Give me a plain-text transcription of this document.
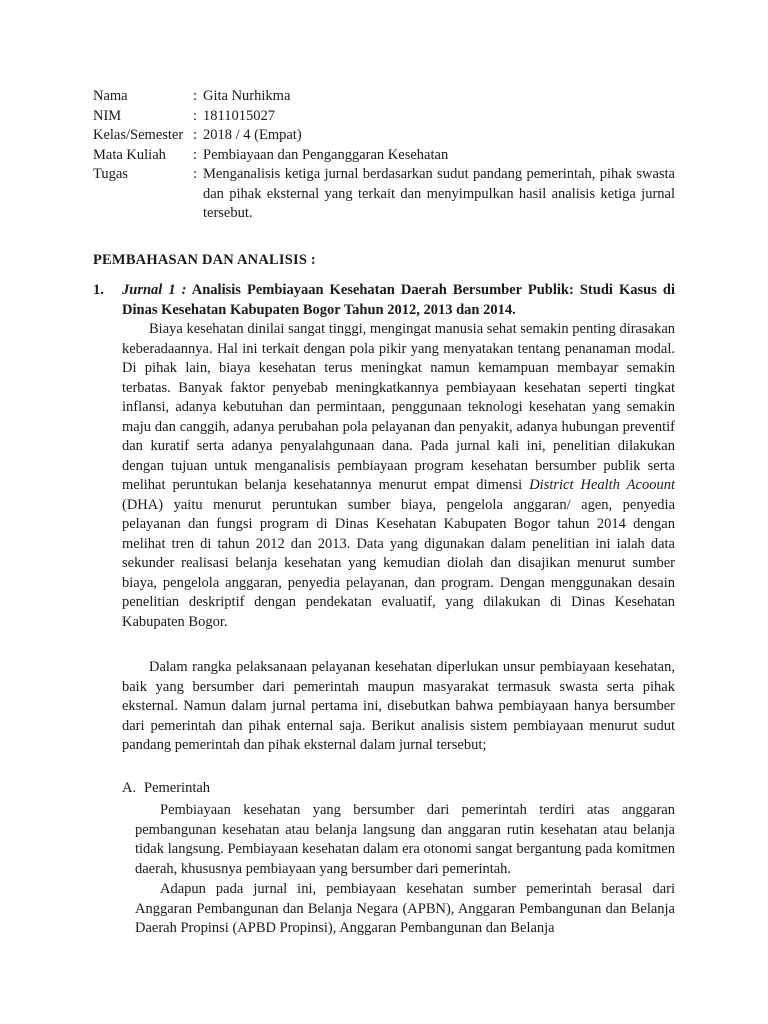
Nama	: Gita Nurhikma
NIM	: 1811015027
Kelas/Semester : 2018 / 4 (Empat)
Mata Kuliah	: Pembiayaan dan Penganggaran Kesehatan
Tugas	: Menganalisis ketiga jurnal berdasarkan sudut pandang pemerintah, pihak swasta dan pihak eksternal yang terkait dan menyimpulkan hasil analisis ketiga jurnal tersebut.
PEMBAHASAN DAN ANALISIS :
1.	Jurnal 1 : Analisis Pembiayaan Kesehatan Daerah Bersumber Publik: Studi Kasus di Dinas Kesehatan Kabupaten Bogor Tahun 2012, 2013 dan 2014.

Biaya kesehatan dinilai sangat tinggi, mengingat manusia sehat semakin penting dirasakan keberadaannya. Hal ini terkait dengan pola pikir yang menyatakan tentang penanaman modal. Di pihak lain, biaya kesehatan terus meningkat namun kemampuan membayar semakin terbatas. Banyak faktor penyebab meningkatkannya pembiayaan kesehatan seperti tingkat inflansi, adanya kebutuhan dan permintaan, penggunaan teknologi kesehatan yang semakin maju dan canggih, adanya perubahan pola pelayanan dan penyakit, adanya hubungan preventif dan kuratif serta adanya penyalahgunaan dana. Pada jurnal kali ini, penelitian dilakukan dengan tujuan untuk menganalisis pembiayaan program kesehatan bersumber publik serta melihat peruntukan belanja kesehatannya menurut empat dimensi District Health Acoount (DHA) yaitu menurut peruntukan sumber biaya, pengelola anggaran/ agen, penyedia pelayanan dan fungsi program di Dinas Kesehatan Kabupaten Bogor tahun 2014 dengan melihat tren di tahun 2012 dan 2013. Data yang digunakan dalam penelitian ini ialah data sekunder realisasi belanja kesehatan yang kemudian diolah dan disajikan menurut sumber biaya, pengelola anggaran, penyedia pelayanan, dan program. Dengan menggunakan desain penelitian deskriptif dengan pendekatan evaluatif, yang dilakukan di Dinas Kesehatan Kabupaten Bogor.

Dalam rangka pelaksanaan pelayanan kesehatan diperlukan unsur pembiayaan kesehatan, baik yang bersumber dari pemerintah maupun masyarakat termasuk swasta serta pihak eksternal. Namun dalam jurnal pertama ini, disebutkan bahwa pembiayaan hanya bersumber dari pemerintah dan pihak enternal saja. Berikut analisis sistem pembiayaan menurut sudut pandang pemerintah dan pihak eksternal dalam jurnal tersebut;

A. Pemerintah

Pembiayaan kesehatan yang bersumber dari pemerintah terdiri atas anggaran pembangunan kesehatan atau belanja langsung dan anggaran rutin kesehatan atau belanja tidak langsung. Pembiayaan kesehatan dalam era otonomi sangat bergantung pada komitmen daerah, khususnya pembiayaan yang bersumber dari pemerintah.

Adapun pada jurnal ini, pembiayaan kesehatan sumber pemerintah berasal dari Anggaran Pembangunan dan Belanja Negara (APBN), Anggaran Pembangunan dan Belanja Daerah Propinsi (APBD Propinsi), Anggaran Pembangunan dan Belanja
